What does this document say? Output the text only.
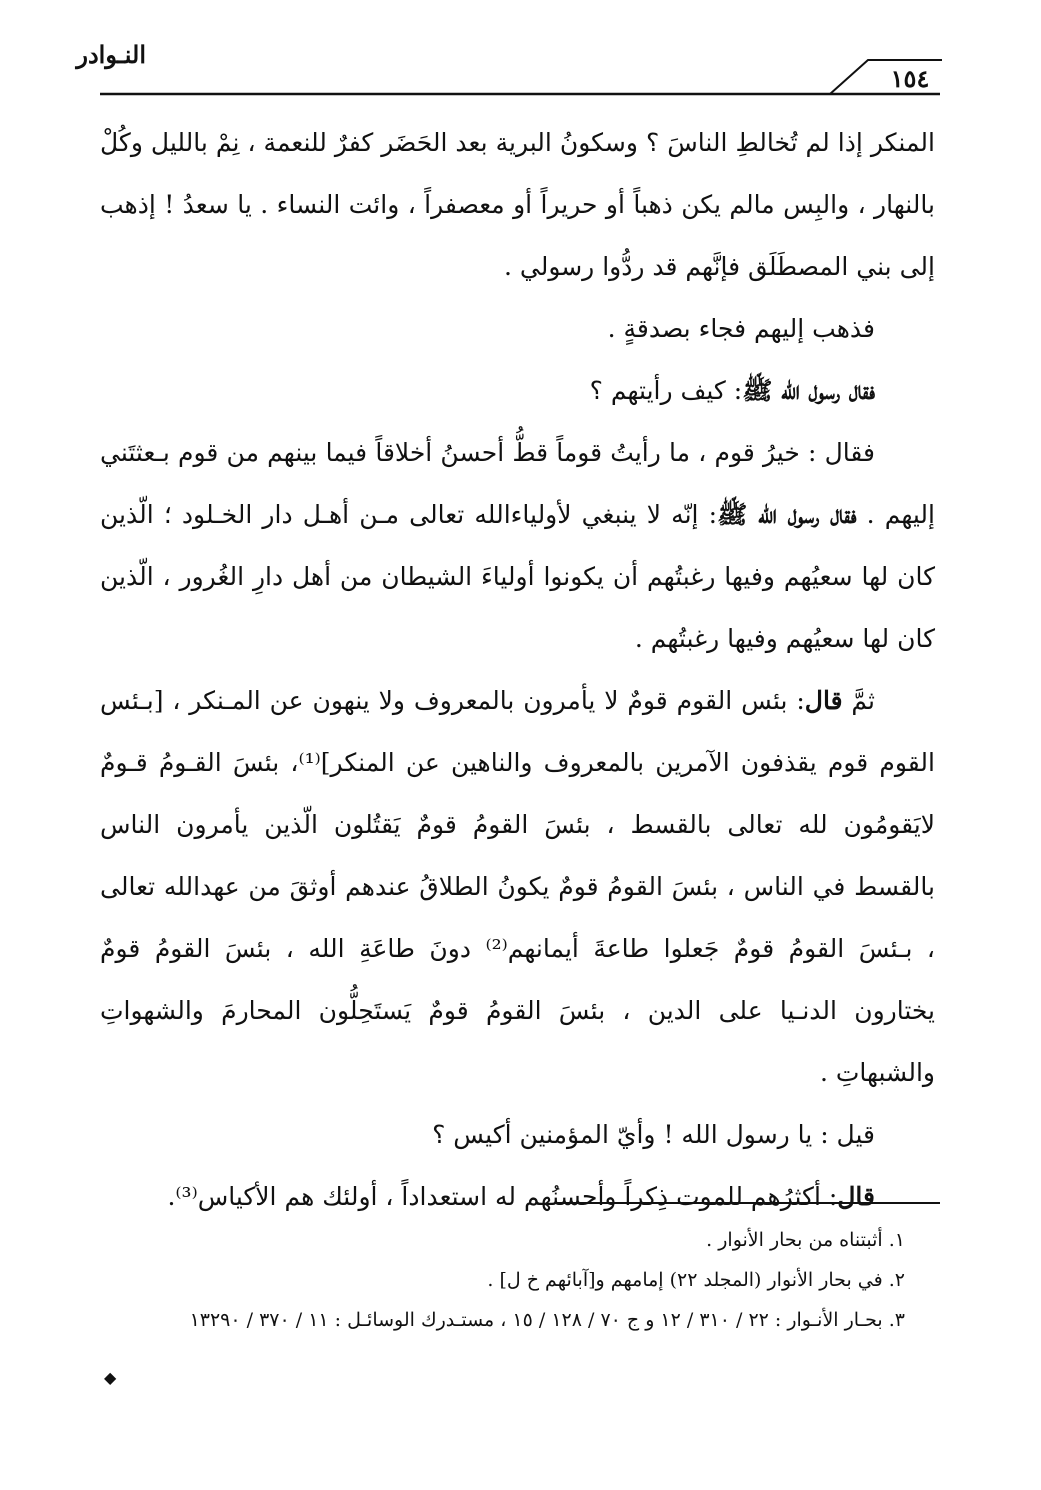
النـوادر
١٥٤

المنكر إذا لم تُخالطِ الناسَ ؟ وسكونُ البرية بعد الحَضَر كفرٌ للنعمة ، نِمْ بالليل وكُلْ بالنهار ، والبِس مالم يكن ذهباً أو حريراً أو معصفراً ، وائت النساء . يا سعدُ ! إذهب إلى بني المصطَلَق فإنَّهم قد ردُّوا رسولي .

فذهب إليهم فجاء بصدقةٍ .

فقال رسول الله ﷺ: كيف رأيتهم ؟

فقال : خيرُ قوم ، ما رأيتُ قوماً قطُّ أحسنُ أخلاقاً فيما بينهم من قوم بـعثتَني إليهم . فقال رسول الله ﷺ: إنّه لا ينبغي لأولياءالله تعالى مـن أهـل دار الخـلود ؛ الّذين كان لها سعيُهم وفيها رغبتُهم أن يكونوا أولياءَ الشيطان من أهل دارِ الغُرور ، الّذين كان لها سعيُهم وفيها رغبتُهم .

ثمَّ قال: بئس القوم قومٌ لا يأمرون بالمعروف ولا ينهون عن المـنكر ، [بـئس القوم قوم يقذفون الآمرين بالمعروف والناهين عن المنكر]⁽¹⁾، بئسَ القـومُ قـومٌ لايَقومُون لله تعالى بالقسط ، بئسَ القومُ قومٌ يَقتُلون الّذين يأمرون الناس بالقسط في الناس ، بئسَ القومُ قومٌ يكونُ الطلاقُ عندهم أوثقَ من عهدالله تعالى ، بـئسَ القومُ قومٌ جَعلوا طاعةَ أيمانهم⁽²⁾ دونَ طاعَةِ الله ، بئسَ القومُ قومٌ يختارون الدنـيا على الدين ، بئسَ القومُ قومٌ يَستَحِلُّون المحارمَ والشهواتِ والشبهاتِ .

قيل : يا رسول الله ! وأيّ المؤمنين أكيس ؟

قال: أكثرُهم للموت ذِكراً وأحسنُهم له استعداداً ، أولئك هم الأكياس⁽³⁾.

١. أثبتناه من بحار الأنوار .

٢. في بحار الأنوار (المجلد ٢٢) إمامهم و[آبائهم خ ل] .

٣. بحـار الأنـوار : ٢٢ / ٣١٠ / ١٢ و ج ٧٠ / ١٢٨ / ١٥ ، مستـدرك الوسائـل : ١١ / ٣٧٠ / ١٣٢٩٠

◆
